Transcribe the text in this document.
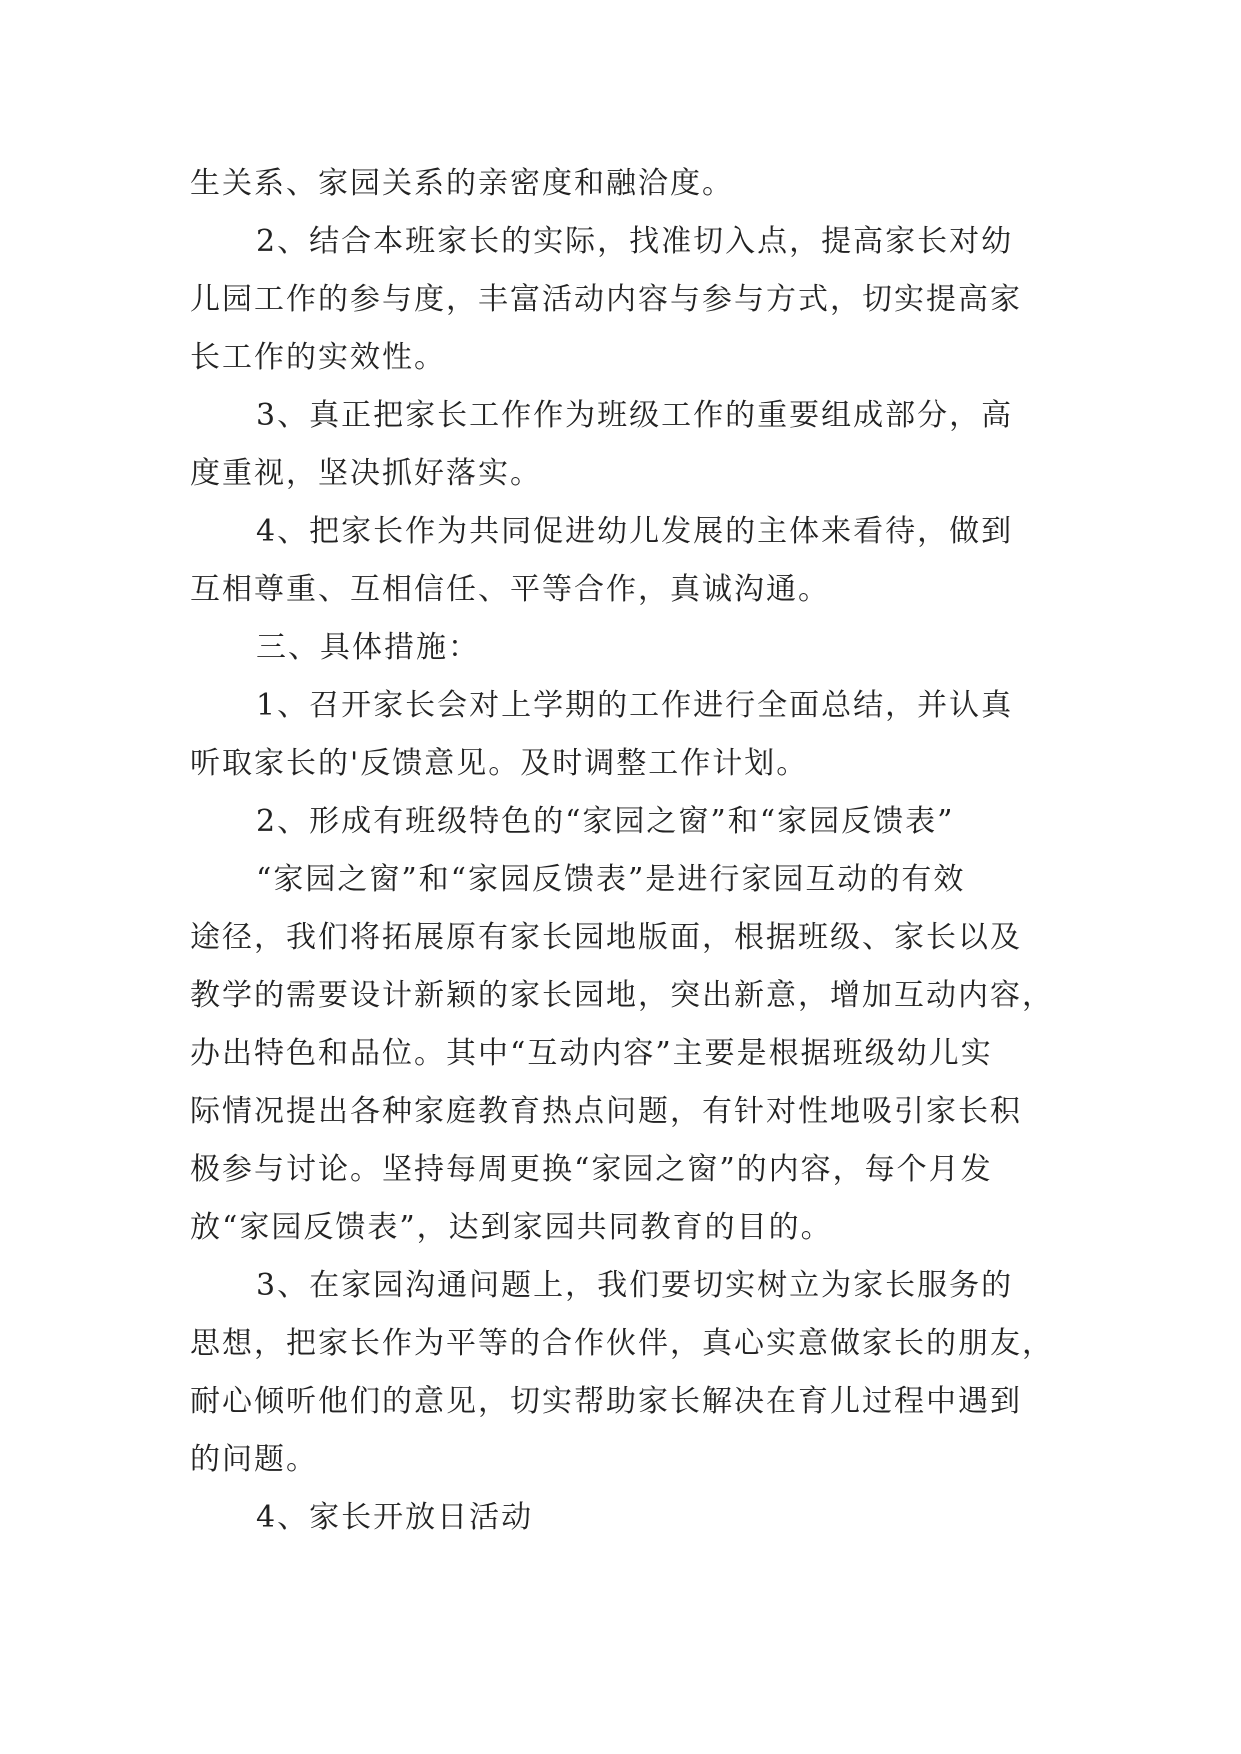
生关系、家园关系的亲密度和融洽度。
2、结合本班家长的实际，找准切入点，提高家长对幼
儿园工作的参与度，丰富活动内容与参与方式，切实提高家
长工作的实效性。
3、真正把家长工作作为班级工作的重要组成部分，高
度重视，坚决抓好落实。
4、把家长作为共同促进幼儿发展的主体来看待，做到
互相尊重、互相信任、平等合作，真诚沟通。
三、具体措施：
1、召开家长会对上学期的工作进行全面总结，并认真
听取家长的'反馈意见。及时调整工作计划。
2、形成有班级特色的“家园之窗”和“家园反馈表”
“家园之窗”和“家园反馈表”是进行家园互动的有效
途径，我们将拓展原有家长园地版面，根据班级、家长以及
教学的需要设计新颖的家长园地，突出新意，增加互动内容，
办出特色和品位。其中“互动内容”主要是根据班级幼儿实
际情况提出各种家庭教育热点问题，有针对性地吸引家长积
极参与讨论。坚持每周更换“家园之窗”的内容，每个月发
放“家园反馈表”，达到家园共同教育的目的。
3、在家园沟通问题上，我们要切实树立为家长服务的
思想，把家长作为平等的合作伙伴，真心实意做家长的朋友，
耐心倾听他们的意见，切实帮助家长解决在育儿过程中遇到
的问题。
4、家长开放日活动
